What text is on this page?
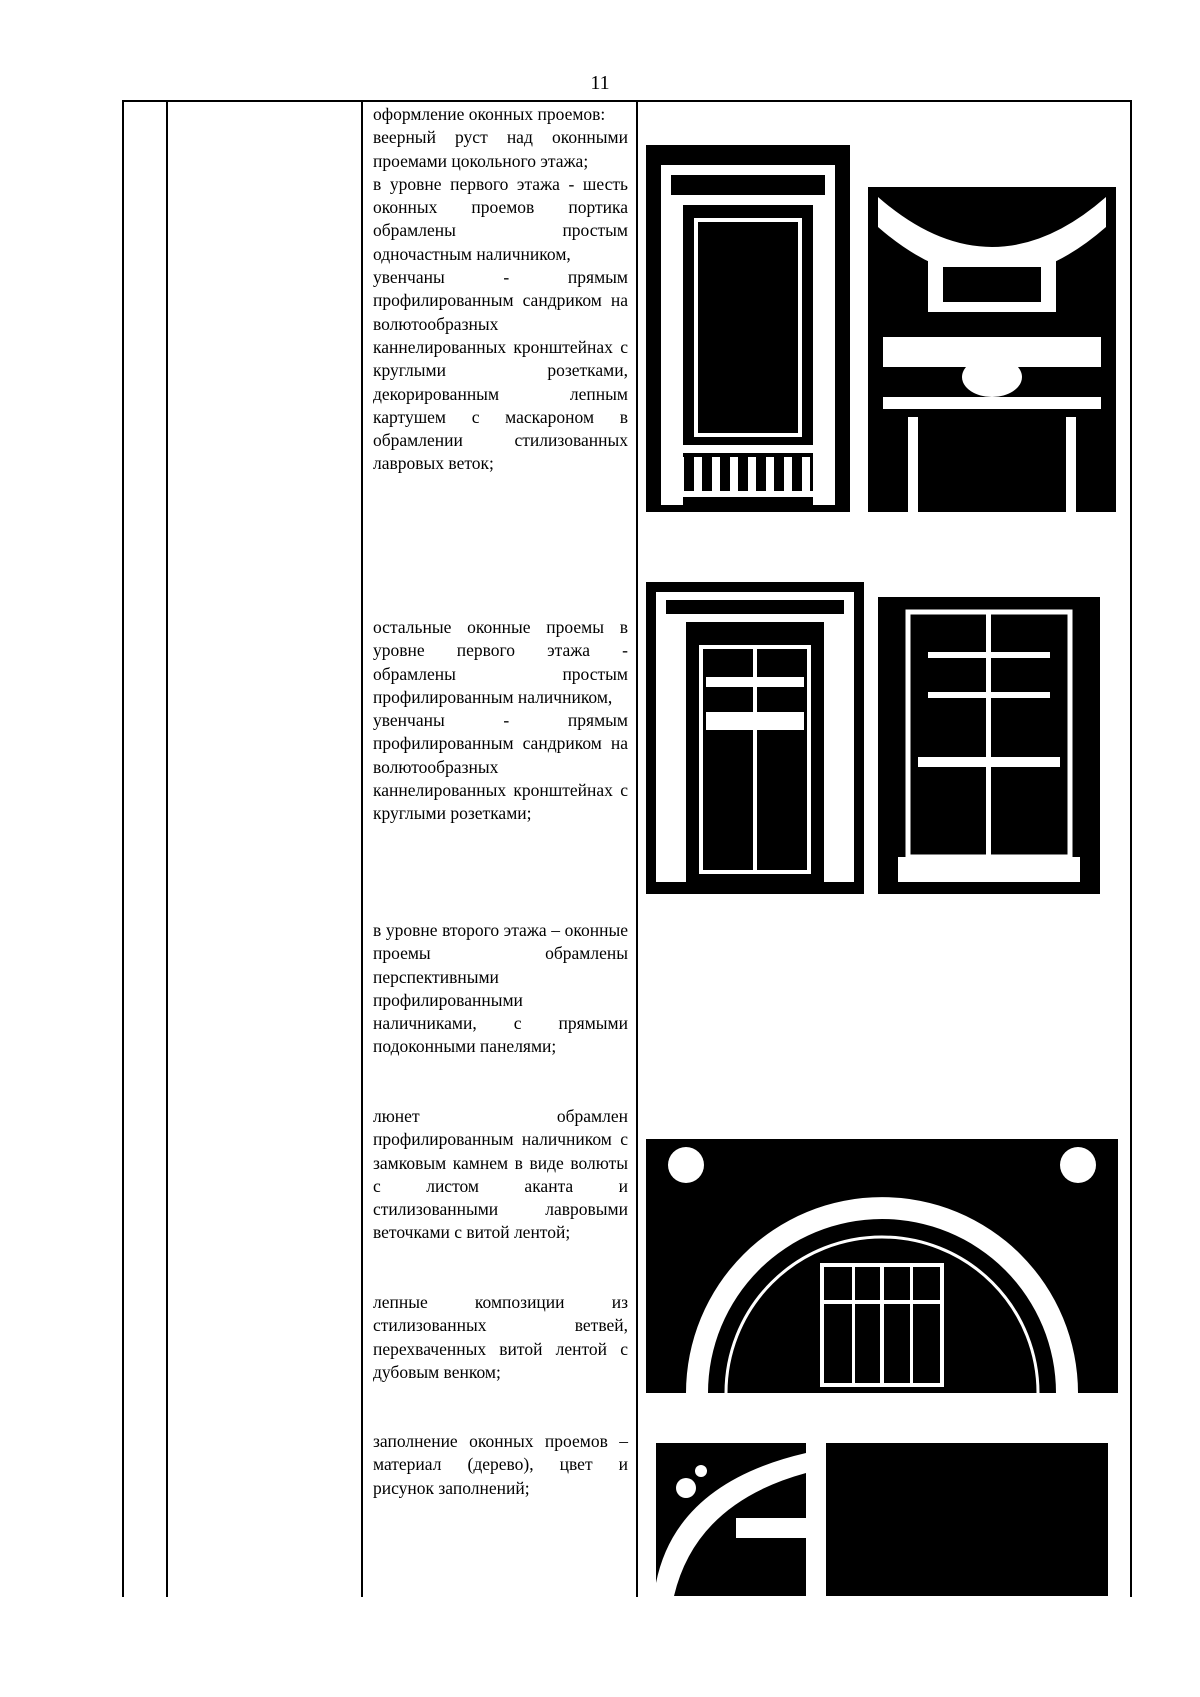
11

оформление оконных проемов:

веерный руст над оконными проемами цокольного этажа;

в уровне первого этажа - шесть оконных проемов портика обрамлены простым одночастным наличником,

увенчаны - прямым профилированным сандриком на волютообразных каннелированных кронштейнах с круглыми розетками, декорированным лепным картушем с маскароном в обрамлении стилизованных лавровых веток;

остальные оконные проемы в уровне первого этажа - обрамлены простым профилированным наличником,

увенчаны - прямым профилированным сандриком на волютообразных каннелированных кронштейнах с круглыми розетками;

в уровне второго этажа – оконные проемы обрамлены перспективными профилированными наличниками, с прямыми подоконными панелями;

люнет обрамлен профилированным наличником с замковым камнем в виде волюты с листом аканта и стилизованными лавровыми веточками с витой лентой;

лепные композиции из стилизованных ветвей, перехваченных витой лентой с дубовым венком;

заполнение оконных проемов – материал (дерево), цвет и рисунок заполнений;
